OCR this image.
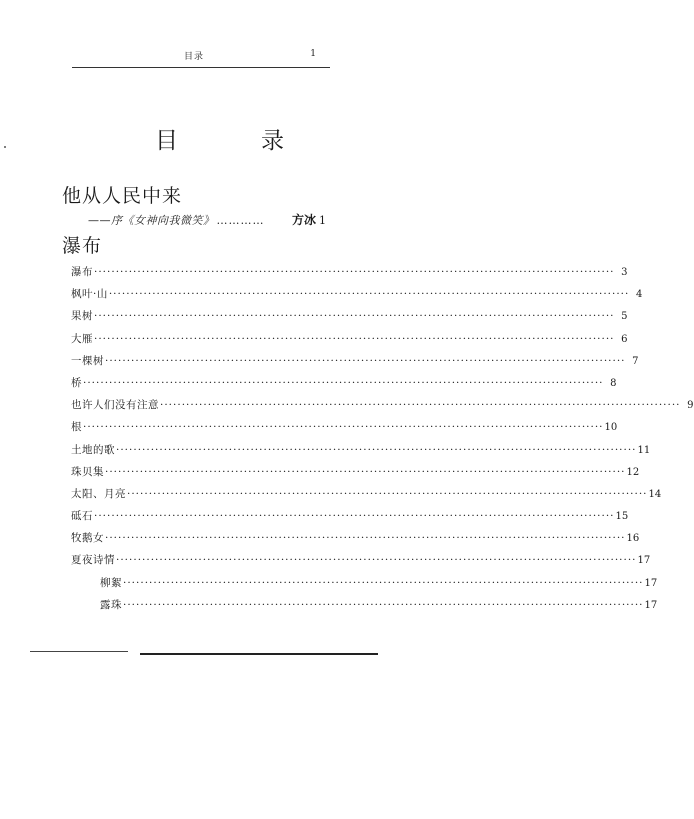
目录	1
目　录
他从人民中来
——序《女神向我微笑》 …………	方冰 1
瀑布
瀑布 ························································································································ 3
枫叶·山 ························································································································ 4
果树 ························································································································ 5
大雁 ························································································································ 6
一棵树 ························································································································ 7
桥 ························································································································ 8
也许人们没有注意 ························································································································ 9
根 ························································································································ 10
土地的歌 ························································································································ 11
珠贝集 ························································································································ 12
太阳、月亮 ························································································································ 14
砥石 ························································································································ 15
牧鹅女 ························································································································ 16
夏夜诗情 ························································································································ 17
柳絮 ························································································································ 17
露珠 ························································································································ 17
